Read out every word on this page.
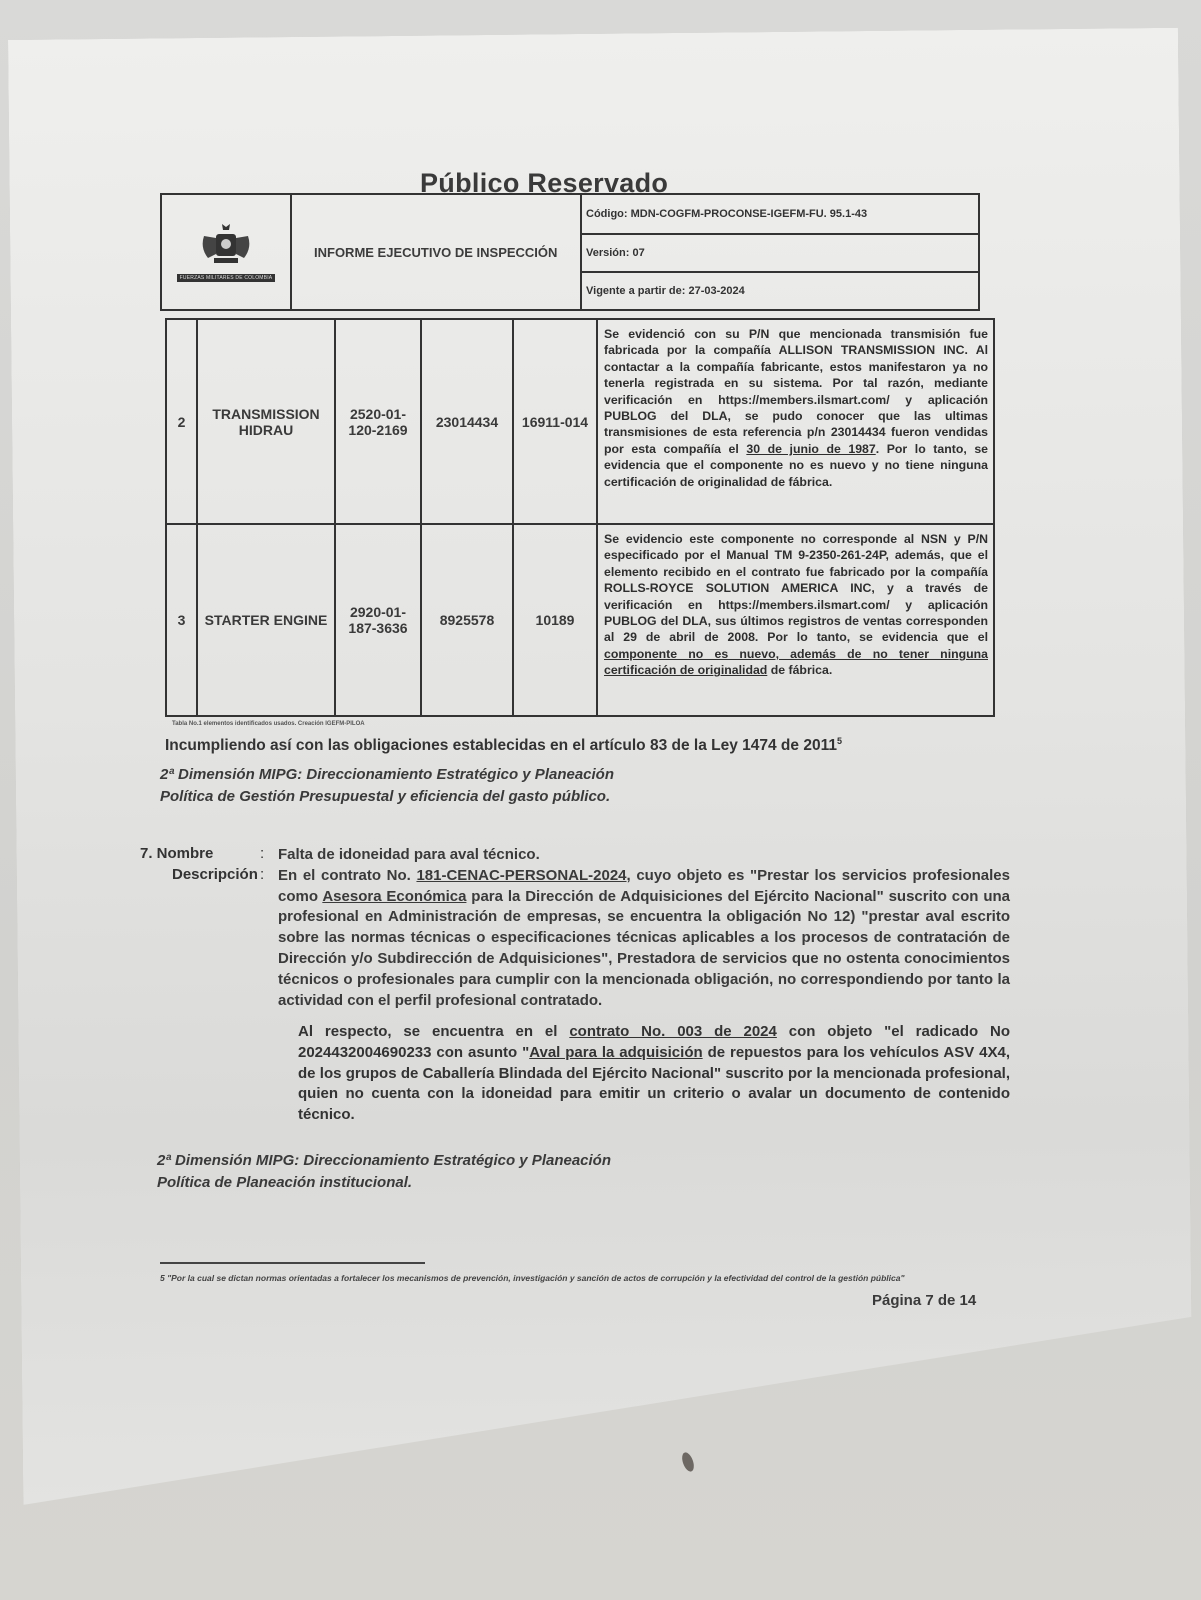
Público Reservado
FUERZAS MILITARES DE COLOMBIA
INFORME EJECUTIVO DE INSPECCIÓN
Código: MDN-COGFM-PROCONSE-IGEFM-FU. 95.1-43
Versión: 07
Vigente a partir de: 27-03-2024
2	TRANSMISSION HIDRAU	2520-01-120-2169	23014434	16911-014	Se evidenció con su P/N que mencionada transmisión fue fabricada por la compañía ALLISON TRANSMISSION INC. Al contactar a la compañía fabricante, estos manifestaron ya no tenerla registrada en su sistema. Por tal razón, mediante verificación en https://members.ilsmart.com/ y aplicación PUBLOG del DLA, se pudo conocer que las ultimas transmisiones de esta referencia p/n 23014434 fueron vendidas por esta compañía el 30 de junio de 1987. Por lo tanto, se evidencia que el componente no es nuevo y no tiene ninguna certificación de originalidad de fábrica.
3	STARTER ENGINE	2920-01-187-3636	8925578	10189	Se evidencio este componente no corresponde al NSN y P/N especificado por el Manual TM 9-2350-261-24P, además, que el elemento recibido en el contrato fue fabricado por la compañía ROLLS-ROYCE SOLUTION AMERICA INC, y a través de verificación en https://members.ilsmart.com/ y aplicación PUBLOG del DLA, sus últimos registros de ventas corresponden al 29 de abril de 2008. Por lo tanto, se evidencia que el componente no es nuevo, además de no tener ninguna certificación de originalidad de fábrica.
Tabla No.1 elementos identificados usados. Creación IGEFM-PILOA
Incumpliendo así con las obligaciones establecidas en el artículo 83 de la Ley 1474 de 2011$^5$
2ª Dimensión MIPG: Direccionamiento Estratégico y Planeación
Política de Gestión Presupuestal y eficiencia del gasto público.
7. Nombre	: Falta de idoneidad para aval técnico.
Descripción : En el contrato No. 181-CENAC-PERSONAL-2024, cuyo objeto es "Prestar los servicios profesionales como Asesora Económica para la Dirección de Adquisiciones del Ejército Nacional" suscrito con una profesional en Administración de empresas, se encuentra la obligación No 12) "prestar aval escrito sobre las normas técnicas o especificaciones técnicas aplicables a los procesos de contratación de Dirección y/o Subdirección de Adquisiciones", Prestadora de servicios que no ostenta conocimientos técnicos o profesionales para cumplir con la mencionada obligación, no correspondiendo por tanto la actividad con el perfil profesional contratado.
Al respecto, se encuentra en el contrato No. 003 de 2024 con objeto "el radicado No 2024432004690233 con asunto "Aval para la adquisición de repuestos para los vehículos ASV 4X4, de los grupos de Caballería Blindada del Ejército Nacional" suscrito por la mencionada profesional, quien no cuenta con la idoneidad para emitir un criterio o avalar un documento de contenido técnico.
2ª Dimensión MIPG: Direccionamiento Estratégico y Planeación
Política de Planeación institucional.
5 "Por la cual se dictan normas orientadas a fortalecer los mecanismos de prevención, investigación y sanción de actos de corrupción y la efectividad del control de la gestión pública"
Página 7 de 14
